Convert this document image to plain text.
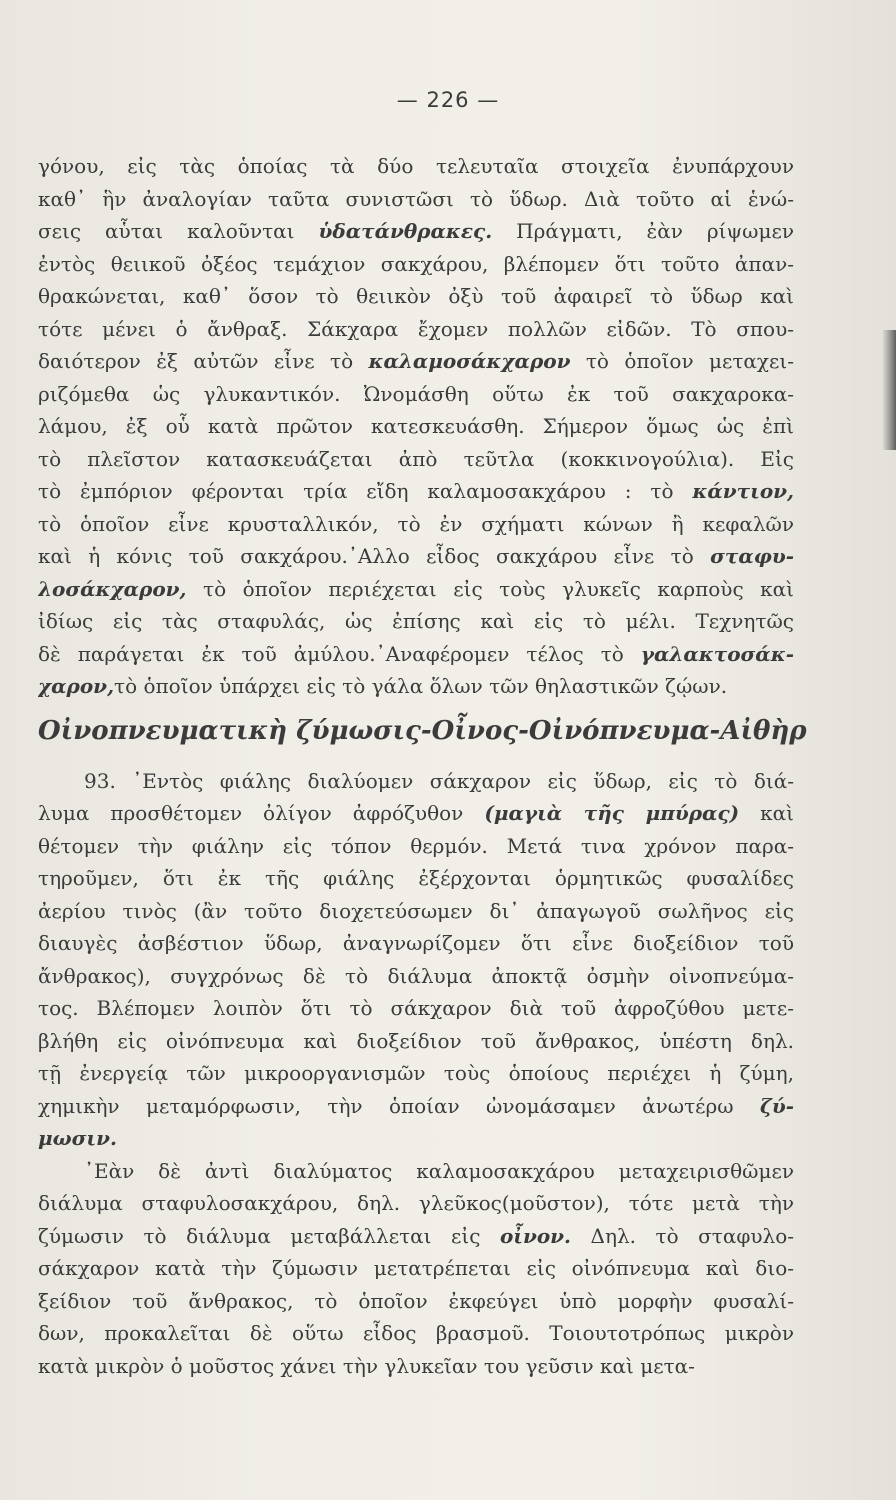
— 226 —
γόνου, εἰς τὰς ὁποίας τὰ δύο τελευταῖα στοιχεῖα ἐνυπάρχουν
καθ᾽ ἣν ἀναλογίαν ταῦτα συνιστῶσι τὸ ὕδωρ. Διὰ τοῦτο αἱ ἑνώ-
σεις αὗται καλοῦνται ὑδατάνθρακες. Πράγματι, ἐὰν ρίψωμεν
ἐντὸς θειικοῦ ὀξέος τεμάχιον σακχάρου, βλέπομεν ὅτι τοῦτο ἀπαν-
θρακώνεται, καθ᾽ ὅσον τὸ θειικὸν ὀξὺ τοῦ ἀφαιρεῖ τὸ ὕδωρ καὶ
τότε μένει ὁ ἄνθραξ. Σάκχαρα ἔχομεν πολλῶν εἰδῶν. Τὸ σπου-
δαιότερον ἐξ αὐτῶν εἶνε τὸ καλαμοσάκχαρον τὸ ὁποῖον μεταχει-
ριζόμεθα ὡς γλυκαντικόν. Ὠνομάσθη οὕτω ἐκ τοῦ σακχαροκα-
λάμου, ἐξ οὗ κατὰ πρῶτον κατεσκευάσθη. Σήμερον ὅμως ὡς ἐπὶ
τὸ πλεῖστον κατασκευάζεται ἀπὸ τεῦτλα (κοκκινογούλια). Εἰς
τὸ ἐμπόριον φέρονται τρία εἴδη καλαμοσακχάρου : τὸ κάντιον,
τὸ ὁποῖον εἶνε κρυσταλλικόν, τὸ ἐν σχήματι κώνων ἢ κεφαλῶν
καὶ ἡ κόνις τοῦ σακχάρου.᾽Αλλο εἶδος σακχάρου εἶνε τὸ σταφυ-
λοσάκχαρον, τὸ ὁποῖον περιέχεται εἰς τοὺς γλυκεῖς καρποὺς καὶ
ἰδίως εἰς τὰς σταφυλάς, ὡς ἐπίσης καὶ εἰς τὸ μέλι. Τεχνητῶς
δὲ παράγεται ἐκ τοῦ ἀμύλου.᾽Αναφέρομεν τέλος τὸ γαλακτοσάκ-
χαρον,τὸ ὁποῖον ὑπάρχει εἰς τὸ γάλα ὅλων τῶν θηλαστικῶν ζῴων.
Οἰνοπνευματικὴ ζύμωσις-Οἶνος-Οἰνόπνευμα-Αἰθὴρ
93. ᾽Εντὸς φιάλης διαλύομεν σάκχαρον εἰς ὕδωρ, εἰς τὸ διά-
λυμα προσθέτομεν ὀλίγον ἀφρόζυθον (μαγιὰ τῆς μπύρας) καὶ
θέτομεν τὴν φιάλην εἰς τόπον θερμόν. Μετά τινα χρόνον παρα-
τηροῦμεν, ὅτι ἐκ τῆς φιάλης ἐξέρχονται ὁρμητικῶς φυσαλίδες
ἀερίου τινὸς (ἂν τοῦτο διοχετεύσωμεν δι᾽ ἀπαγωγοῦ σωλῆνος εἰς
διαυγὲς ἀσβέστιον ὕδωρ, ἀναγνωρίζομεν ὅτι εἶνε διοξείδιον τοῦ
ἄνθρακος), συγχρόνως δὲ τὸ διάλυμα ἀποκτᾷ ὀσμὴν οἰνοπνεύμα-
τος. Βλέπομεν λοιπὸν ὅτι τὸ σάκχαρον διὰ τοῦ ἀφροζύθου μετε-
βλήθη εἰς οἰνόπνευμα καὶ διοξείδιον τοῦ ἄνθρακος, ὑπέστη δηλ.
τῇ ἐνεργείᾳ τῶν μικροοργανισμῶν τοὺς ὁποίους περιέχει ἡ ζύμη,
χημικὴν μεταμόρφωσιν, τὴν ὁποίαν ὠνομάσαμεν ἀνωτέρω ζύ-
μωσιν.
᾽Εὰν δὲ ἀντὶ διαλύματος καλαμοσακχάρου μεταχειρισθῶμεν
διάλυμα σταφυλοσακχάρου, δηλ. γλεῦκος(μοῦστον), τότε μετὰ τὴν
ζύμωσιν τὸ διάλυμα μεταβάλλεται εἰς οἶνον. Δηλ. τὸ σταφυλο-
σάκχαρον κατὰ τὴν ζύμωσιν μετατρέπεται εἰς οἰνόπνευμα καὶ διο-
ξείδιον τοῦ ἄνθρακος, τὸ ὁποῖον ἐκφεύγει ὑπὸ μορφὴν φυσαλί-
δων, προκαλεῖται δὲ οὕτω εἶδος βρασμοῦ. Τοιουτοτρόπως μικρὸν
κατὰ μικρὸν ὁ μοῦστος χάνει τὴν γλυκεῖαν του γεῦσιν καὶ μετα-
